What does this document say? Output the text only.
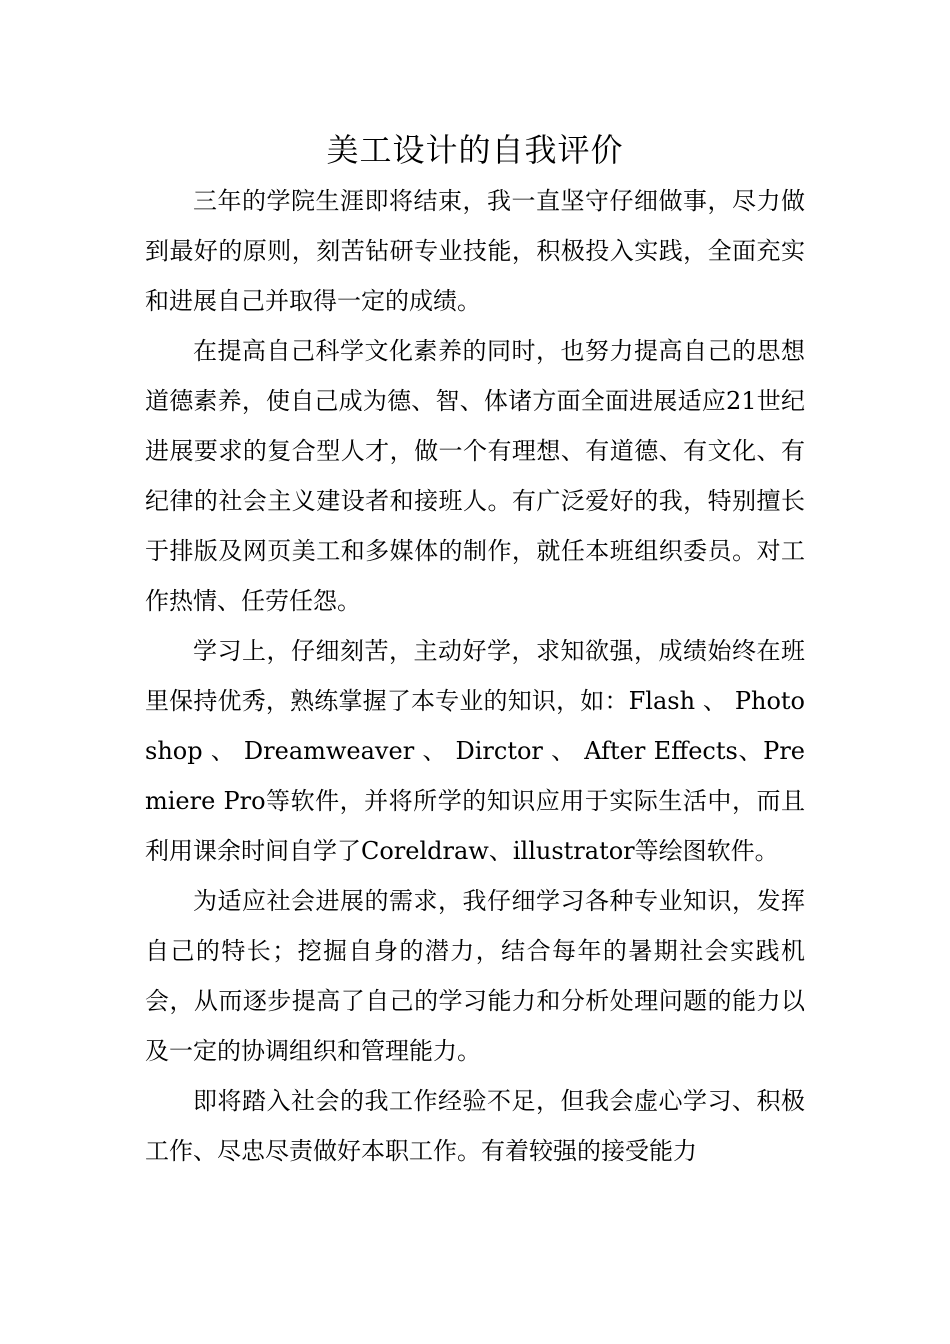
美工设计的自我评价

三年的学院生涯即将结束，我一直坚守仔细做事，尽力做到最好的原则，刻苦钻研专业技能，积极投入实践，全面充实和进展自己并取得一定的成绩。

在提高自己科学文化素养的同时，也努力提高自己的思想道德素养，使自己成为德、智、体诸方面全面进展适应21世纪进展要求的复合型人才，做一个有理想、有道德、有文化、有纪律的社会主义建设者和接班人。有广泛爱好的我，特别擅长于排版及网页美工和多媒体的制作，就任本班组织委员。对工作热情、任劳任怨。

学习上，仔细刻苦，主动好学，求知欲强，成绩始终在班里保持优秀，熟练掌握了本专业的知识，如：Flash 、 Photoshop 、 Dreamweaver 、 Dirctor 、 After Effects、Premiere Pro等软件，并将所学的知识应用于实际生活中，而且利用课余时间自学了Coreldraw、illustrator等绘图软件。

为适应社会进展的需求，我仔细学习各种专业知识，发挥自己的特长；挖掘自身的潜力，结合每年的暑期社会实践机会，从而逐步提高了自己的学习能力和分析处理问题的能力以及一定的协调组织和管理能力。

即将踏入社会的我工作经验不足，但我会虚心学习、积极工作、尽忠尽责做好本职工作。有着较强的接受能力
